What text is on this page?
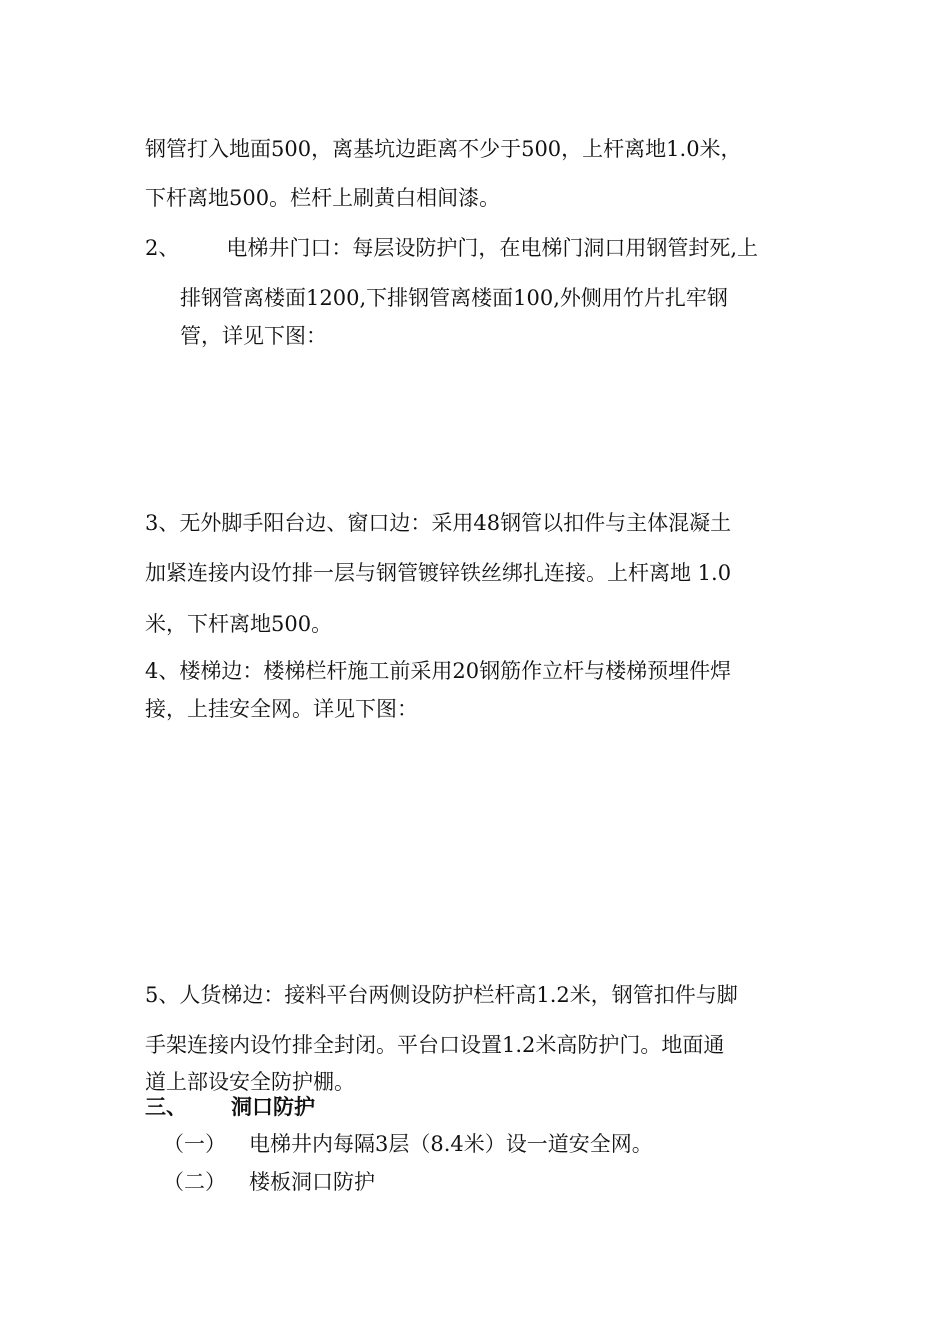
钢管打入地面500，离基坑边距离不少于500，上杆离地1.0米，
下杆离地500。栏杆上刷黄白相间漆。
2、 电梯井门口：每层设防护门，在电梯门洞口用钢管封死,上
排钢管离楼面1200,下排钢管离楼面100,外侧用竹片扎牢钢
管，详见下图：
3、无外脚手阳台边、窗口边：采用48钢管以扣件与主体混凝土
加紧连接内设竹排一层与钢管镀锌铁丝绑扎连接。上杆离地 1.0
米，下杆离地500。
4、楼梯边：楼梯栏杆施工前采用20钢筋作立杆与楼梯预埋件焊
接，上挂安全网。详见下图：
5、人货梯边：接料平台两侧设防护栏杆高1.2米，钢管扣件与脚
手架连接内设竹排全封闭。平台口设置1.2米高防护门。地面通
道上部设安全防护棚。
三、 洞口防护
（一） 电梯井内每隔3层（8.4米）设一道安全网。
（二） 楼板洞口防护
